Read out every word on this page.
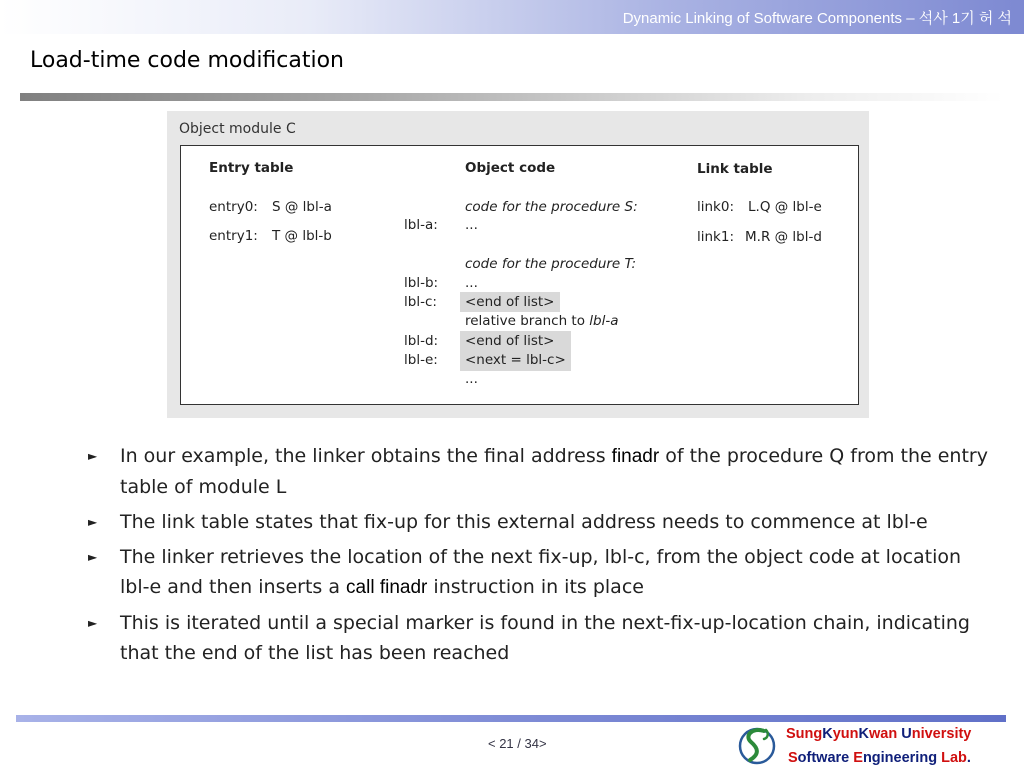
Dynamic Linking of Software Components – 석사 1기 허 석
Load-time code modification
Object module C
Entry table
entry0: S @ lbl-a
entry1: T @ lbl-b
Object code
code for the procedure S:
lbl-a: ...
code for the procedure T:
lbl-b: ...
lbl-c: <end of list>
relative branch to lbl-a
lbl-d: <end of list>
lbl-e: <next = lbl-c>
...
Link table
link0: L.Q @ lbl-e
link1: M.R @ lbl-d
► In our example, the linker obtains the final address finadr of the procedure Q from the entry table of module L
► The link table states that fix-up for this external address needs to commence at lbl-e
► The linker retrieves the location of the next fix-up, lbl-c, from the object code at location lbl-e and then inserts a call finadr instruction in its place
► This is iterated until a special marker is found in the next-fix-up-location chain, indicating that the end of the list has been reached
< 21 / 34>
SungKyunKwan University
Software Engineering Lab.
